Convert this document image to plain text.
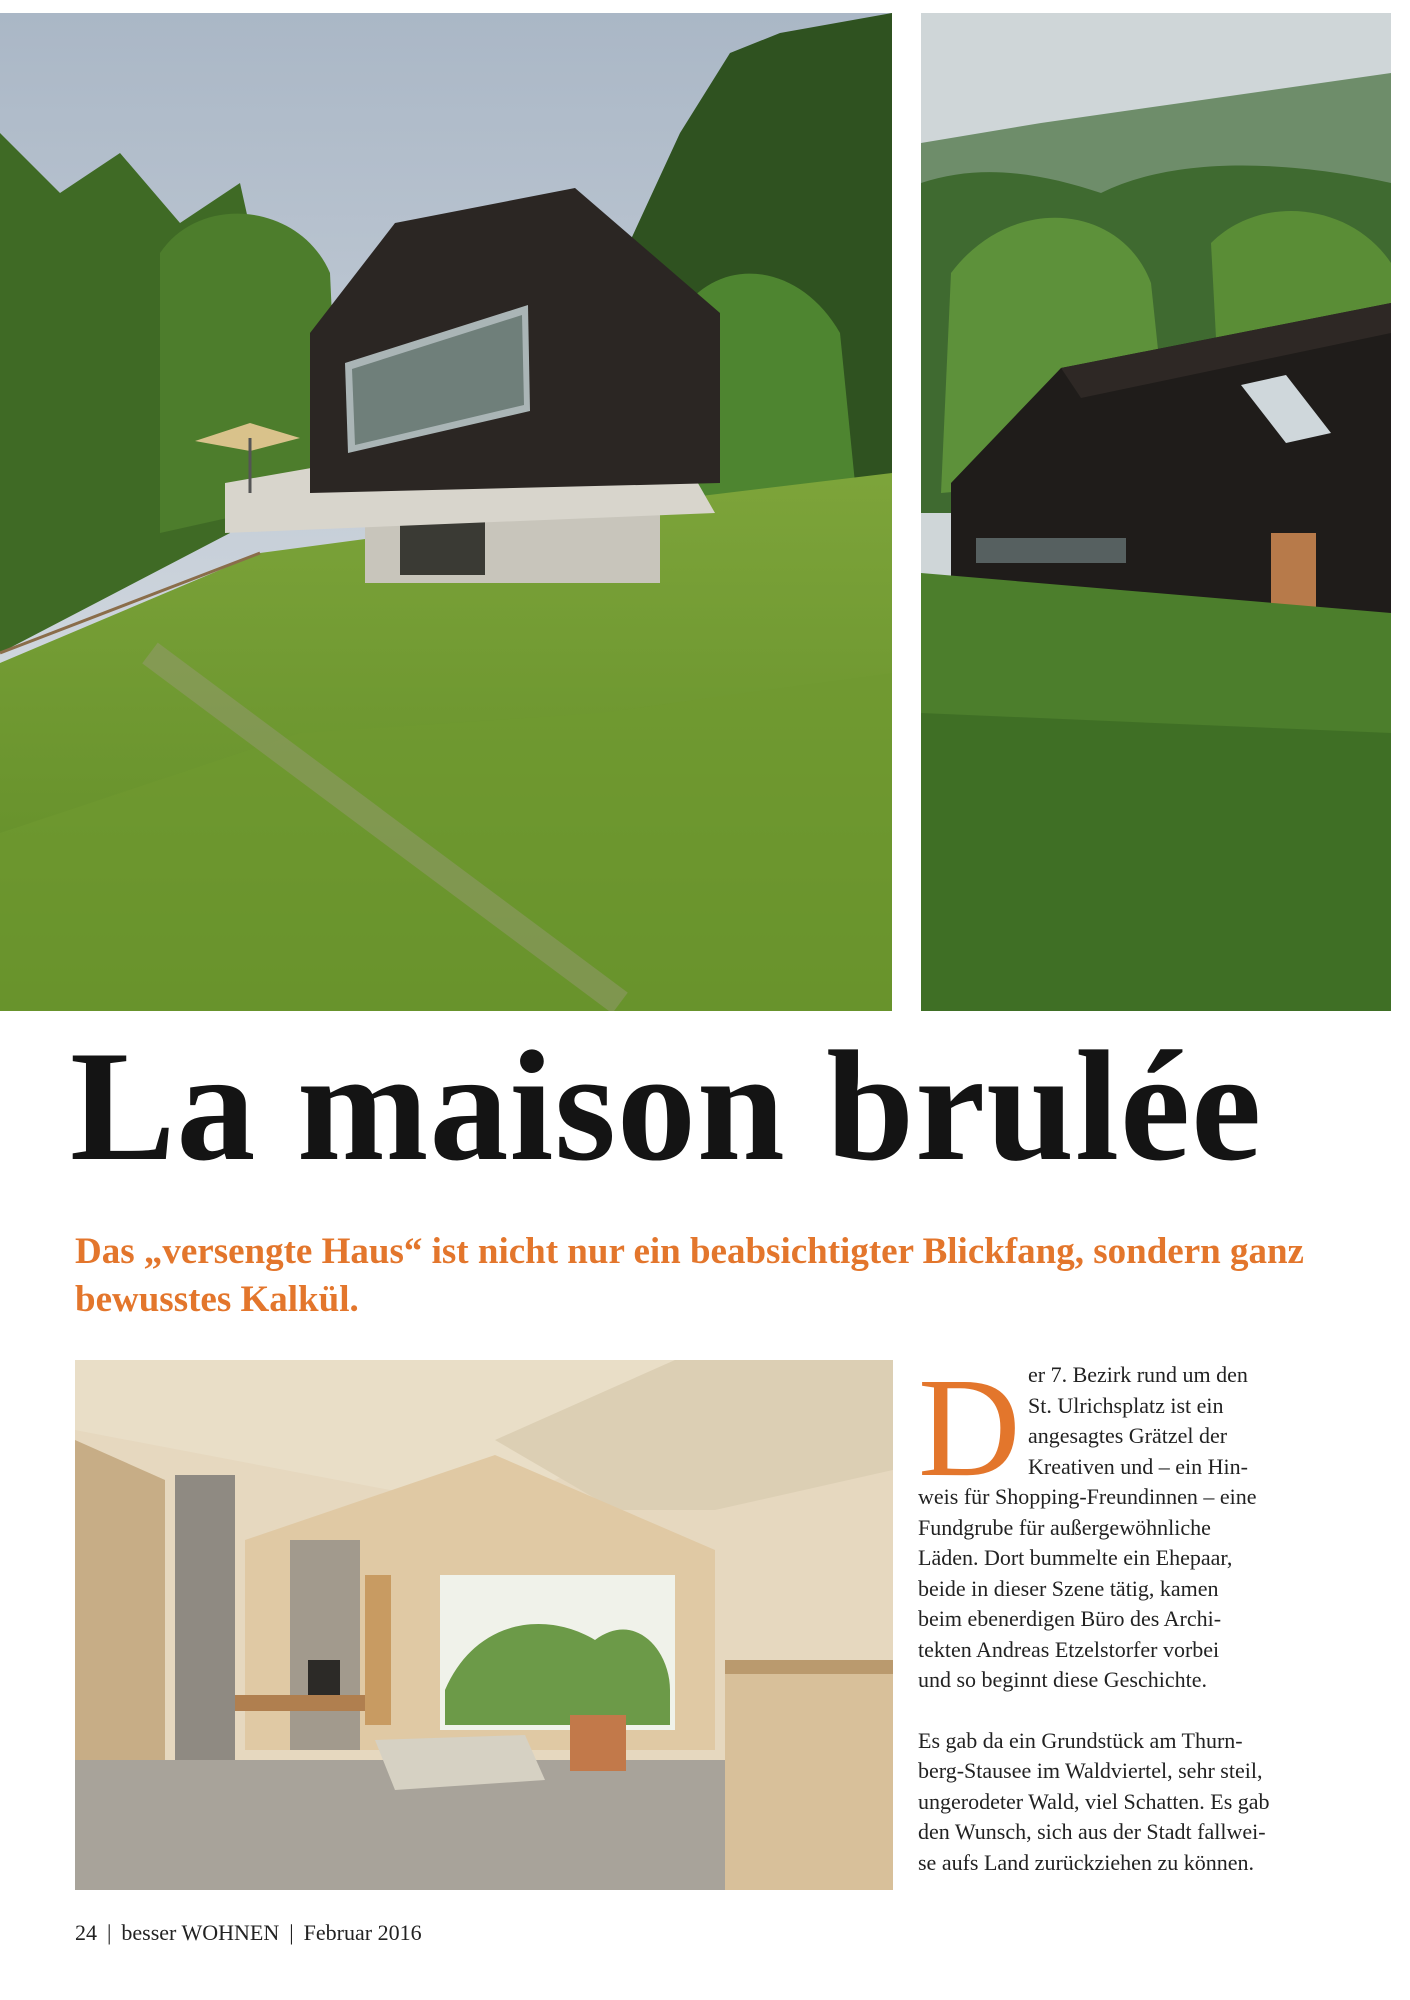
La maison brulée

Das „versengte Haus“ ist nicht nur ein beabsichtigter Blickfang, sondern ganz bewusstes Kalkül.

D er 7. Bezirk rund um den
St. Ulrichsplatz ist ein
angesagtes Grätzel der
Kreativen und – ein Hin-
weis für Shopping-Freundinnen – eine
Fundgrube für außergewöhnliche
Läden. Dort bummelte ein Ehepaar,
beide in dieser Szene tätig, kamen
beim ebenerdigen Büro des Archi-
tekten Andreas Etzelstorfer vorbei
und so beginnt diese Geschichte.

Es gab da ein Grundstück am Thurn-
berg-Stausee im Waldviertel, sehr steil,
ungerodeter Wald, viel Schatten. Es gab
den Wunsch, sich aus der Stadt fallwei-
se aufs Land zurückziehen zu können.

24 | besser WOHNEN | Februar 2016
